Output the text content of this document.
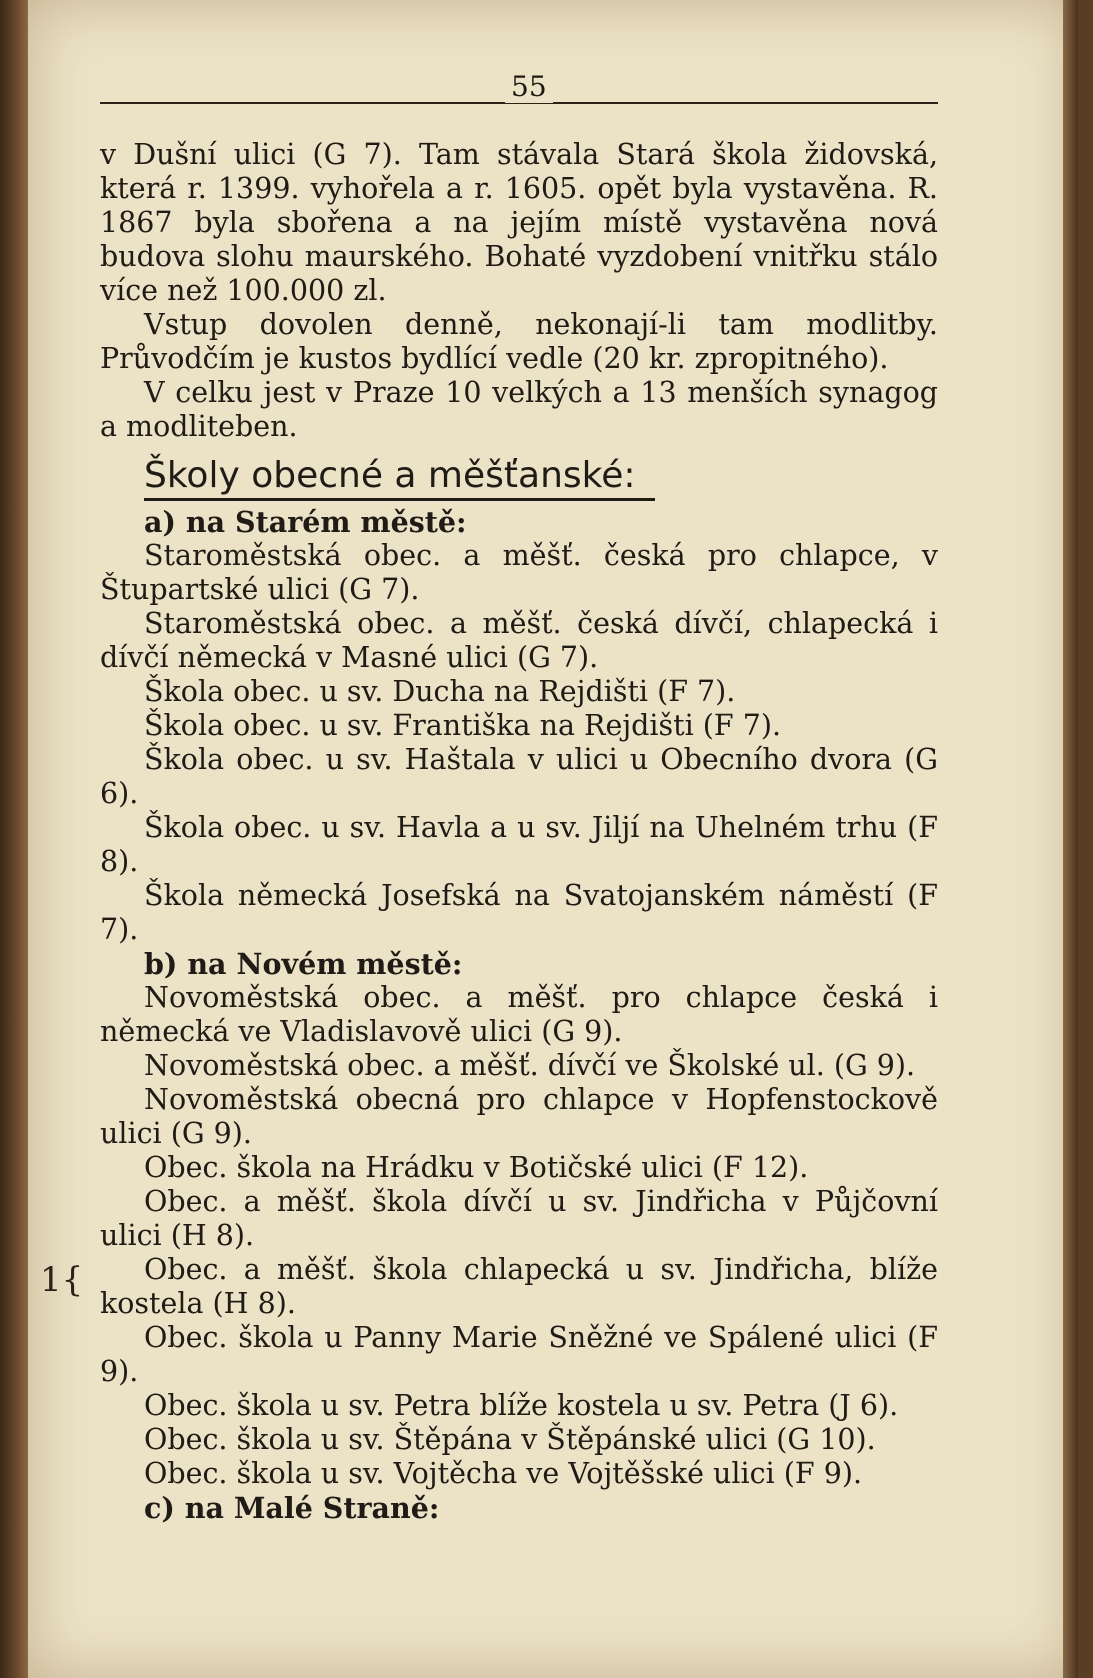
55
1{

v Dušní ulici (G 7). Tam stávala Stará škola židovská, která r. 1399. vyhořela a r. 1605. opět byla vystavěna. R. 1867 byla sbořena a na jejím místě vystavěna nová budova slohu maurského. Bohaté vyzdobení vnitřku stálo více než 100.000 zl.

Vstup dovolen denně, nekonají-li tam modlitby. Průvodčím je kustos bydlící vedle (20 kr. zpropitného).

V celku jest v Praze 10 velkých a 13 menších synagog a modliteben.

Školy obecné a měšťanské:

a) na Starém městě:

Staroměstská obec. a měšť. česká pro chlapce, v Štupartské ulici (G 7).

Staroměstská obec. a měšť. česká dívčí, chlapecká i dívčí německá v Masné ulici (G 7).

Škola obec. u sv. Ducha na Rejdišti (F 7).

Škola obec. u sv. Františka na Rejdišti (F 7).

Škola obec. u sv. Haštala v ulici u Obecního dvora (G 6).

Škola obec. u sv. Havla a u sv. Jiljí na Uhelném trhu (F 8).

Škola německá Josefská na Svatojanském náměstí (F 7).

b) na Novém městě:

Novoměstská obec. a měšť. pro chlapce česká i německá ve Vladislavově ulici (G 9).

Novoměstská obec. a měšť. dívčí ve Školské ul. (G 9).

Novoměstská obecná pro chlapce v Hopfenstockově ulici (G 9).

Obec. škola na Hrádku v Botičské ulici (F 12).

Obec. a měšť. škola dívčí u sv. Jindřicha v Půjčovní ulici (H 8).

Obec. a měšť. škola chlapecká u sv. Jindřicha, blíže kostela (H 8).

Obec. škola u Panny Marie Sněžné ve Spálené ulici (F 9).

Obec. škola u sv. Petra blíže kostela u sv. Petra (J 6).

Obec. škola u sv. Štěpána v Štěpánské ulici (G 10).

Obec. škola u sv. Vojtěcha ve Vojtěšské ulici (F 9).

c) na Malé Straně:
